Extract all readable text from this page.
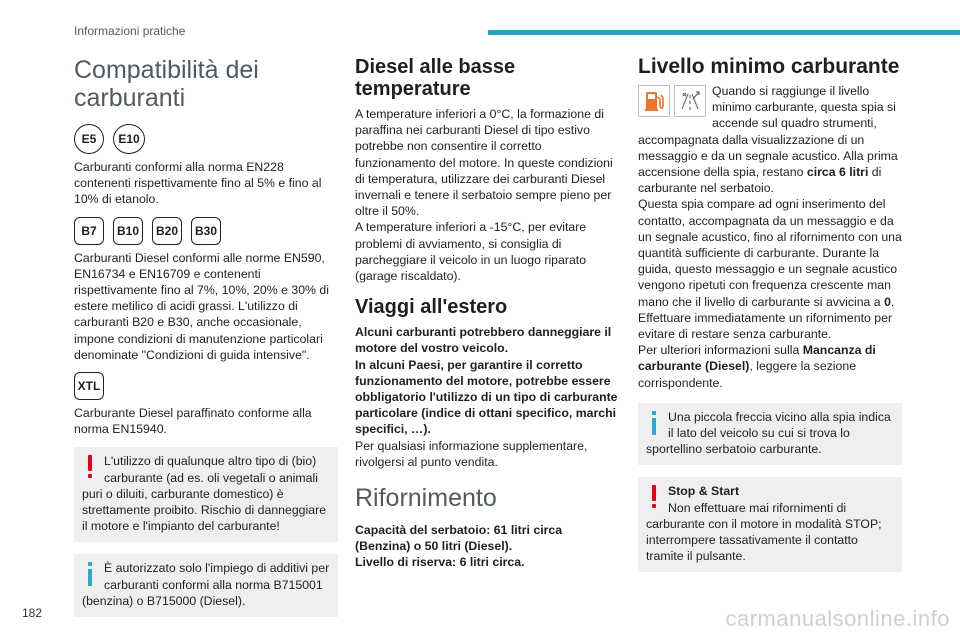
Informazioni pratiche
Compatibilità dei carburanti
E5	E10

Carburanti conformi alla norma EN228 contenenti rispettivamente fino al 5% e fino al 10% di etanolo.

B7	B10	B20	B30

Carburanti Diesel conformi alle norme EN590, EN16734 e EN16709 e contenenti rispettivamente fino al 7%, 10%, 20% e 30% di estere metilico di acidi grassi. L'utilizzo di carburanti B20 e B30, anche occasionale, impone condizioni di manutenzione particolari denominate "Condizioni di guida intensive".

XTL

Carburante Diesel paraffinato conforme alla norma EN15940.

L'utilizzo di qualunque altro tipo di (bio) carburante (ad es. oli vegetali o animali puri o diluiti, carburante domestico) è strettamente proibito. Rischio di danneggiare il motore e l'impianto del carburante!

È autorizzato solo l'impiego di additivi per carburanti conformi alla norma B715001 (benzina) o B715000 (Diesel).

Diesel alle basse temperature

A temperature inferiori a 0°C, la formazione di paraffina nei carburanti Diesel di tipo estivo potrebbe non consentire il corretto funzionamento del motore. In queste condizioni di temperatura, utilizzare dei carburanti Diesel invernali e tenere il serbatoio sempre pieno per oltre il 50%.

A temperature inferiori a -15°C, per evitare problemi di avviamento, si consiglia di parcheggiare il veicolo in un luogo riparato (garage riscaldato).

Viaggi all'estero

Alcuni carburanti potrebbero danneggiare il motore del vostro veicolo.

In alcuni Paesi, per garantire il corretto funzionamento del motore, potrebbe essere obbligatorio l'utilizzo di un tipo di carburante particolare (indice di ottani specifico, marchi specifici, …).

Per qualsiasi informazione supplementare, rivolgersi al punto vendita.

Rifornimento

Capacità del serbatoio: 61 litri circa (Benzina) o 50 litri (Diesel).

Livello di riserva: 6 litri circa.

Livello minimo carburante

Quando si raggiunge il livello minimo carburante, questa spia si accende sul quadro strumenti, accompagnata dalla visualizzazione di un messaggio e da un segnale acustico. Alla prima accensione della spia, restano circa 6 litri di carburante nel serbatoio.

Questa spia compare ad ogni inserimento del contatto, accompagnata da un messaggio e da un segnale acustico, fino al rifornimento con una quantità sufficiente di carburante. Durante la guida, questo messaggio e un segnale acustico vengono ripetuti con frequenza crescente man mano che il livello di carburante si avvicina a 0.

Effettuare immediatamente un rifornimento per evitare di restare senza carburante.

Per ulteriori informazioni sulla Mancanza di carburante (Diesel), leggere la sezione corrispondente.

Una piccola freccia vicino alla spia indica il lato del veicolo su cui si trova lo sportellino serbatoio carburante.

Stop & Start

Non effettuare mai rifornimenti di carburante con il motore in modalità STOP; interrompere tassativamente il contatto tramite il pulsante.

182	carmanualsonline.info
